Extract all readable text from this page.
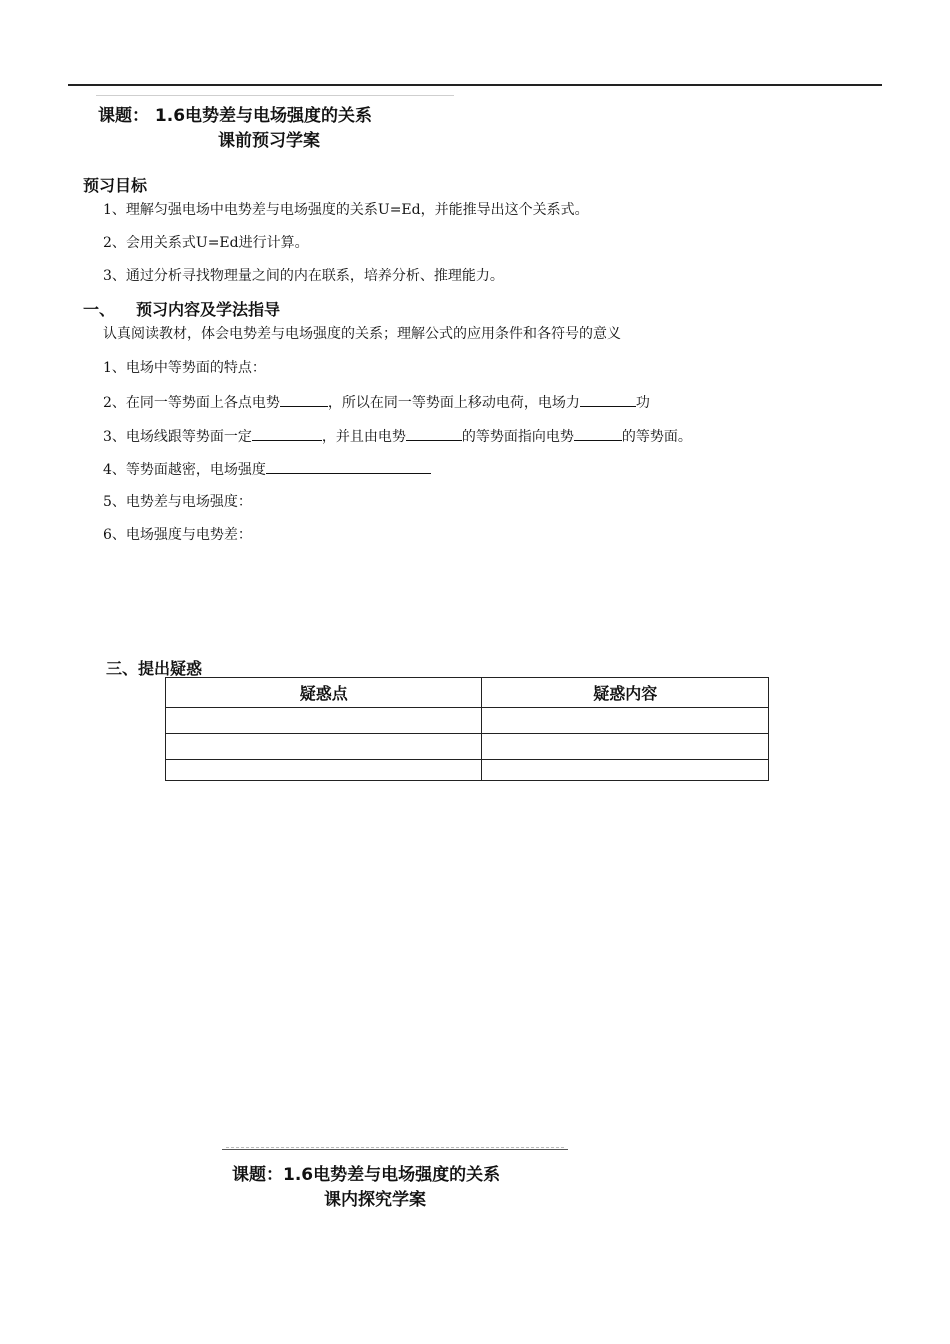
课题： 1.6电势差与电场强度的关系
课前预习学案
预习目标
1、理解匀强电场中电势差与电场强度的关系U=Ed，并能推导出这个关系式。
2、会用关系式U=Ed进行计算。
3、通过分析寻找物理量之间的内在联系，培养分析、推理能力。
一、 预习内容及学法指导
认真阅读教材，体会电势差与电场强度的关系；理解公式的应用条件和各符号的意义
1、电场中等势面的特点：
2、在同一等势面上各点电势	，所以在同一等势面上移动电荷，电场力	功
3、电场线跟等势面一定	，并且由电势	的等势面指向电势	的等势面。
4、等势面越密，电场强度
5、电势差与电场强度：
6、电场强度与电势差：
三、提出疑惑
疑惑点	疑惑内容

课题：1.6电势差与电场强度的关系
课内探究学案
